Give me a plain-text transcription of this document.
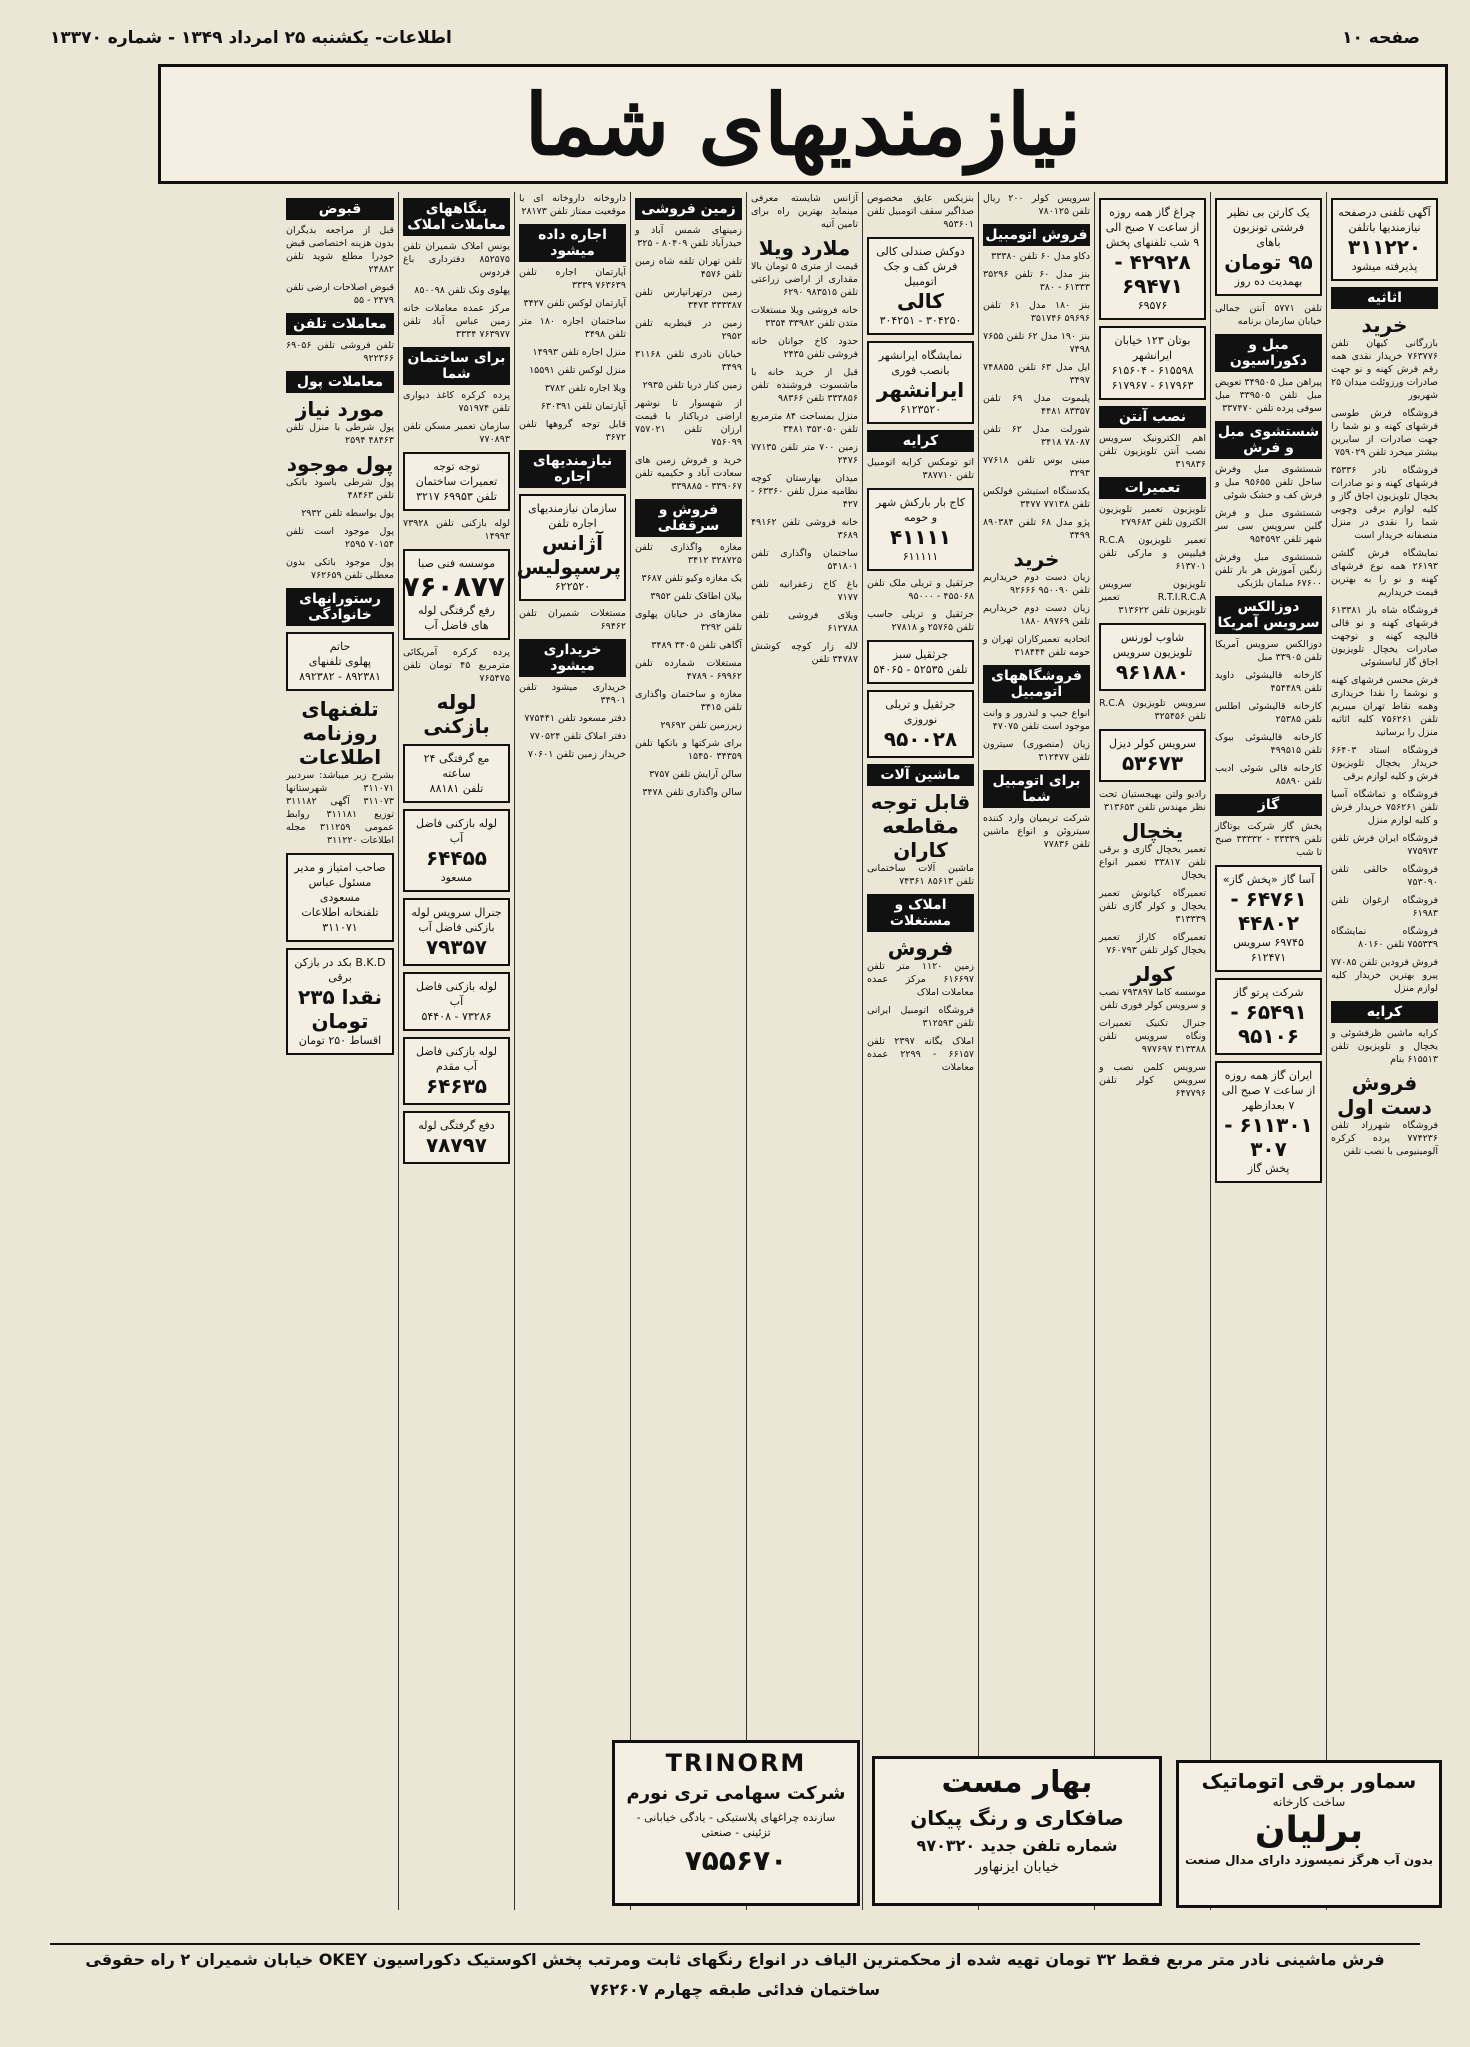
صفحه ۱۰
اطلاعات- یکشنبه ۲۵ امرداد ۱۳۴۹ - شماره ۱۳۳۷۰
نیازمندیهای شما
آگهی تلفنی درصفحه نیازمندیها باتلفن
۳۱۱۲۲۰
پذیرفته میشود
اثاثیه
خرید
بازرگانی کیهان تلفن ۷۶۳۷۷۶ خریدار نقدی همه رقم فرش کهنه و نو جهت صادرات ورزوئلت میدان ۲۵ شهریور
فروشگاه فرش طوسی فرشهای کهنه و نو شما را جهت صادرات از سایرین بیشتر میخرد تلفن ۷۵۹۰۲۹
فروشگاه نادر ۳۵۳۳۶ فرشهای کهنه و نو صادرات یخچال تلویزیون اجاق گاز و کلیه لوازم برقی وچوبی شما را نقدی در منزل منصفانه خریدار است
نمایشگاه فرش گلشن ۲۶۱۹۳ همه نوع فرشهای کهنه و نو را به بهترین قیمت خریداریم
فروشگاه شاه باز ۶۱۳۳۸۱ فرشهای کهنه و نو قالی قالیچه کهنه و نوجهت صادرات یخچال تلویزیون اجاق گاز لباسشوئی
فرش محسن فرشهای کهنه و نوشما را نقدا خریداری وهمه نقاط تهران میبریم تلفن ۷۵۶۲۶۱ کلیه اثاثیه منزل را برسانید
فروشگاه استاد ۶۶۴۰۳ خریدار یخچال تلویزیون فرش و کلیه لوازم برقی
فروشگاه و تماشگاه آسیا تلفن ۷۵۶۲۶۱ خریدار فرش و کلیه لوازم منزل
فروشگاه ایران فرش تلفن ۷۷۵۹۷۳
فروشگاه خالقی تلفن ۷۵۳۰۹۰
فروشگاه ارغوان تلفن ۶۱۹۸۳
فروشگاه نمایشگاه ۷۵۵۳۳۹ تلفن ۸۰۱۶۰
فروش فرودین تلفن ۷۷۰۸۵ پیرو بهترین خریدار کلیه لوازم منزل
کرایه
کرایه ماشین ظرفشوئی و یخچال و تلویزیون تلفن ۶۱۵۵۱۳ بنام
فروش دست اول
فروشگاه شهرزاد تلفن ۷۷۴۲۳۶ پرده کرکره آلومینیومی با نصب تلفن
یک کارتن بی نظیر فرشتی تونزبون باهای
۹۵ تومان
بهمدیت ده روز
تلفن ۵۷۷۱ آنتن جمالی خیابان سازمان برنامه
مبل و دکوراسیون
پیراهن مبل ۳۴۹۵۰۵ تعویض مبل تلفن ۳۳۹۵۰۵ مبل سوفی پرده تلفن ۳۳۷۴۷۰
شستشوی مبل و فرش
شستشوی مبل وفرش ساحل تلفن ۹۵۶۵۵ مبل و فرش کف و خشک شوئی
شستشوی مبل و فرش گلبن سرویس سی سر شهر تلفن ۹۵۴۵۹۲
شستشوی مبل وفرش زنگین آموزش هر بار تلفن ۶۷۶۰۰ مبلمان بلژیکی
دوزالکس سرویس آمریکا
دوزالکس سرویس آمریکا تلفن ۳۳۹۰۵ مبل
کارخانه قالیشوئی داوید تلفن ۴۵۴۴۸۹
کارخانه قالیشوئی اطلس تلفن ۲۵۳۸۵
کارخانه قالیشوئی بیوک تلفن ۴۹۹۵۱۵
کارخانه قالی شوئی ادیب تلفن ۸۵۸۹۰
گاز
پخش گاز شرکت بوتاگاز تلفن ۳۳۳۳۹ - ۳۳۳۳۲ صبح تا شب
آسا گاز «پخش گاز»
۶۴۷۶۱ - ۴۴۸۰۲
۶۹۷۴۵ سرویس ۶۱۲۴۷۱
شرکت پرتو گاز
۶۵۴۹۱ - ۹۵۱۰۶
ایران گاز همه روزه از ساعت ۷ صبح الی ۷ بعدازظهر
۶۱۱۳۰۱ - ۳۰۷
پخش گاز
چراغ گاز همه روزه از ساعت ۷ صبح الی ۹ شب تلفنهای پخش
۴۲۹۲۸ - ۶۹۴۷۱
۶۹۵۷۶
بوتان ۱۲۳ خیابان ایرانشهر
۶۱۵۵۹۸ - ۶۱۵۶۰۴ ۶۱۷۹۶۳ - ۶۱۷۹۶۷
نصب آنتن
اهم الکترونیک سرویس نصب آنتن تلویزیون تلفن ۳۱۹۸۳۶
تعمیرات
تلویزیون تعمیر تلویزیون الکترون تلفن ۲۷۹۶۸۳
تعمیر تلویزیون R.C.A فیلیپس و مارکی تلفن ۶۱۳۷۰۱
تلویزیون سرویس R.T.I.R.C.A تعمیر تلویزیون تلفن ۳۱۳۶۲۲
شاوب لورنس تلویزیون سرویس
۹۶۱۸۸۰
سرویس تلویزیون R.C.A تلفن ۳۲۵۴۵۶
سرویس کولر دیزل
۵۳۶۷۳
رادیو ولتن بهیجستیان تحت نظر مهندس تلفن ۳۱۳۶۵۳
یخچال
تعمیر یخچال گازی و برقی تلفن ۳۳۸۱۷ تعمیر انواع یخچال
تعمیرگاه کیانوش تعمیر یخچال و کولر گازی تلفن ۳۱۳۳۳۹
تعمیرگاه کاراژ تعمیر یخچال کولر تلفن ۷۶۰۷۹۳
کولر
موسسه کاما ۷۹۳۸۹۷ نصب و سرویس کولر فوری تلفن
جنرال تکنیک تعمیرات ونگاه سرویس تلفن ۳۱۳۳۸۸ ۹۷۷۶۹۷
سرویس کلمن نصب و سرویس کولر تلفن ۶۴۷۷۹۶
سرویس کولر ۲۰۰ ریال تلفن ۷۸۰۱۲۵
فروش اتومبیل
دکاو مدل ۶۰ تلفن ۳۳۳۸۰
بنز مدل ۶۰ تلفن ۳۵۲۹۶ ۶۱۳۳۳ - ۳۸۰
بنز ۱۸۰ مدل ۶۱ تلفن ۵۹۶۹۶ ۳۵۱۷۴۶
بنز ۱۹۰ مدل ۶۲ تلفن ۷۶۵۵ ۷۴۹۸
ایل مدل ۶۳ تلفن ۷۴۸۸۵۵ ۳۴۹۷
پلیموت مدل ۶۹ تلفن ۸۳۳۵۷ ۴۴۸۱
شورلت مدل ۶۲ تلفن ۷۸۰۸۷ ۳۴۱۸
مینی بوس تلفن ۷۷۶۱۸ ۳۲۹۳
یکدستگاه استیشن فولکس تلفن ۷۷۱۳۸ ۳۴۷۷
پژو مدل ۶۸ تلفن ۸۹۰۳۸۴ ۳۴۹۹
خرید
زیان دست دوم خریداریم تلفن ۹۵۰۰۹۰ ۹۲۶۶۶
زیان دست دوم خریداریم تلفن ۸۹۷۶۹ ۱۸۸۰
اتحادیه تعمیرکاران تهران و حومه تلفن ۳۱۸۴۴۴
فروشگاههای اتومبیل
انواع جیپ و لندرور و وانت موجود است تلفن ۴۷۰۷۵
زیان (منصوری) سیترون تلفن ۳۱۲۴۷۷
برای اتومبیل شما
شرکت تریمیان وارد کننده سیتروئن و انواع ماشین تلفن ۷۷۸۳۶
بنزیکس عایق مخصوص صداگیر سقف اتومبیل تلفن ۹۵۳۶۰۱
دوکش صندلی کالی فرش کف و جک اتومبیل
کالی
۳۰۴۲۵۰ - ۳۰۴۲۵۱
نمایشگاه ایرانشهر بانصب فوری
ایرانشهر
۶۱۲۳۵۲۰
کرایه
اتو تومکس کرایه اتومبیل تلفن ۳۸۷۷۱۰
کاج بار بارکش شهر و حومه
۴۱۱۱۱
۶۱۱۱۱۱
جرثقیل و تریلی ملک تلفن ۴۵۵۰۶۸ - ۹۵۰۰۰
جرثقیل و تریلی جاسب تلفن ۲۵۷۶۵ و ۲۷۸۱۸
جرثقیل سبز
تلفن ۵۲۵۳۵ - ۵۴۰۶۵
جرثقیل و تریلی نوروزی
۹۵۰۰۲۸
ماشین آلات
قابل توجه مقاطعه کاران
ماشین آلات ساختمانی تلفن ۸۵۶۱۳ ۷۴۳۶۱
املاک و مستغلات
فروش
زمین ۱۱۲۰ متر تلفن ۶۱۶۶۹۷ مرکز عمده معاملات املاک
فروشگاه اتومبیل ایرانی تلفن ۳۱۲۵۹۳
املاک یگانه ۲۳۹۷ تلفن ۶۶۱۵۷ - ۲۲۹۹ عمده معاملات
آژانس شایسته معرفی مینماید بهترین راه برای تامین آتیه
ملارد ویلا
قیمت از متری ۵ تومان بالا مقداری از اراضی زراعتی تلفن ۹۸۳۵۱۵ ۶۲۹۰
خانه فروشی ویلا مستغلات متدن تلفن ۳۳۹۸۲ ۳۳۵۴
حدود کاخ جوانان خانه فروشی تلفن ۲۴۳۵
قبل از خرید خانه با ماشسوت فروشنده تلفن ۳۳۳۸۵۶ تلفن ۹۸۳۶۶
منزل بمساحت ۸۴ مترمربع تلفن ۳۵۲۰۵۰ ۳۴۸۱
زمین ۷۰۰ متر تلفن ۷۷۱۳۵ ۲۴۷۶
میدان بهارستان کوچه نظامیه منزل تلفن ۶۳۳۶۰ - ۴۲۷
خانه فروشی تلفن ۴۹۱۶۲ ۳۶۸۹
ساختمان واگذاری تلفن ۵۴۱۸۰۱
باغ کاخ زعفرانیه تلفن ۷۱۷۷
ویلای فروشی تلفن ۶۱۲۷۸۸
لاله زار کوچه کوشش ۳۴۷۸۷ تلفن
زمین فروشی
زمینهای شمس آباد و حیدرآباد تلفن ۸۰۴۰۹ - ۳۲۵
تلفن تهران تلفه شاه زمین تلفن ۴۵۷۶
زمین درتهرانپارس تلفن ۳۳۳۳۸۷ ۳۴۷۳
زمین در قیطریه تلفن ۲۹۵۲
خیابان نادری تلفن ۳۱۱۶۸ ۳۴۹۹
زمین کنار دریا تلفن ۲۹۳۵
از شهسوار تا نوشهر اراضی دریاکنار با قیمت ارزان تلفن ۷۵۷۰۲۱ ۷۵۶۰۹۹
خرید و فروش زمین های سعادت آباد و حکیمیه تلفن ۳۳۹۰۶۷ - ۳۳۹۸۸۵
فروش و سرقفلی
مغازه واگذاری تلفن ۳۲۸۷۲۵ ۳۴۱۲
یک مغازه وکیو تلفن ۳۶۸۷
بیلان اطاقک تلفن ۳۹۵۲
مغازهای در خیابان پهلوی تلفن ۳۲۹۲
آگاهی تلفن ۳۴۰۵ ۳۴۸۹
مستغلات شمارده تلفن ۶۹۹۶۲ - ۴۷۸۹
مغازه و ساختمان واگذاری تلفن ۳۴۱۵
زیرزمین تلفن ۲۹۶۹۲
برای شرکتها و بانکها تلفن ۳۴۳۵۹ ۱۵۴۵۰
سالن آرایش تلفن ۳۷۵۷
سالن واگذاری تلفن ۳۴۷۸
داروخانه داروخانه ای با موقعیت ممتاز تلفن ۲۸۱۷۳
اجاره داده میشود
آپارتمان اجاره تلفن ۷۶۳۶۳۹ ۳۳۳۹
آپارتمان لوکس تلفن ۳۴۲۷
ساختمان اجاره ۱۸۰ متر تلفن ۳۴۹۸
منزل اجاره تلفن ۱۴۹۹۳
منزل لوکس تلفن ۱۵۵۹۱
ویلا اجاره تلفن ۳۷۸۲
آپارتمان تلفن ۶۳۰۳۹۱
قابل توجه گروهها تلفن ۳۶۷۲
نیازمندیهای اجاره
سازمان نیازمندیهای اجاره تلفن
آژانس پرسپولیس
۶۲۲۵۲۰
مستغلات شمیران تلفن ۶۹۴۶۲
خریداری میشود
خریداری میشود تلفن ۳۴۹۰۱
دفتر مسعود تلفن ۷۷۵۴۴۱
دفتر املاک تلفن ۷۷۰۵۲۴
خریدار زمین تلفن ۷۰۶۰۱
بنگاههای معاملات املاک
یونس املاک شمیران تلفن ۸۵۲۵۷۵ دفترداری باغ فردوس
پهلوی ونک تلفن ۸۵۰۰۹۸
مرکز عمده معاملات خانه زمین عباس آباد تلفن ۷۶۳۹۷۷ ۳۳۳۴
برای ساختمان شما
پرده کرکره کاغذ دیواری تلفن ۷۵۱۹۷۴
سازمان تعمیر مسکن تلفن ۷۷۰۸۹۳
توجه توجه
تعمیرات ساختمان تلفن ۶۹۹۵۳ ۳۲۱۷
لوله بازکنی تلفن ۷۳۹۲۸ ۱۴۹۹۳
موسسه فنی صبا
۷۶۰۸۷۷
رفع گرفتگی لوله های فاضل آب
پرده کرکره آمریکائی مترمربع ۴۵ تومان تلفن ۷۶۵۴۷۵
لوله بازکنی
مع گرفتگی ۲۴ ساعته
تلفن ۸۸۱۸۱
لوله بازکنی فاضل آب
۶۴۴۵۵
مسعود
جنرال سرویس لوله بازکنی فاضل آب
۷۹۳۵۷
لوله بازکنی فاضل آب
۷۳۲۸۶ - ۵۴۴۰۸
لوله بازکنی فاضل آب مقدم
۶۴۶۳۵
دفع گرفتگی لوله
۷۸۷۹۷
قبوض
قبل از مراجعه بدیگران بدون هزینه اختصاصی قبض خودرا مطلع شوید تلفن ۲۴۸۸۲
قبوض اصلاحات ارضی تلفن ۲۴۷۹ - ۵۵
معاملات تلفن
تلفن فروشی تلفن ۶۹۰۵۶ ۹۲۲۳۶۶
معاملات پول
مورد نیاز
پول شرطی با منزل تلفن ۴۸۴۶۳ ۲۵۹۴
پول موجود
پول شرطی باسود بانکی تلفن ۴۸۴۶۳
پول بواسطه تلفن ۲۹۳۲
پول موجود است تلفن ۷۰۱۵۴ ۲۵۹۵
پول موجود باتکی بدون معطلی تلفن ۷۶۲۶۵۹
رستورانهای خانوادگی
حاتم
پهلوی تلفنهای ۸۹۲۳۸۱ - ۸۹۲۳۸۲
تلفنهای روزنامه اطلاعات
بشرح زیر میباشد: سردبیر ۳۱۱۰۷۱ شهرستانها ۳۱۱۰۷۳ آگهی ۳۱۱۱۸۲ توزیع ۳۱۱۱۸۱ روابط عمومی ۳۱۱۲۵۹ مجله اطلاعات ۳۱۱۲۲۰
صاحب امتیاز و مدیر مسئول عباس مسعودی
تلفنخانه اطلاعات ۳۱۱۰۷۱
B.K.D بکد در بازکن برقی
نقدا ۲۳۵ تومان
اقساط ۲۵۰ تومان
فرش ماشینی نادر متر مربع فقط ۳۲ تومان تهیه شده از محکمترین الیاف در انواع رنگهای ثابت ومرتب پخش اکوستیک دکوراسیون OKEY خیابان شمیران ۲ راه حقوقی ساختمان فدائی طبقه چهارم ۷۶۲۶۰۷
TRINORM
شرکت سهامی تری نورم
سازنده چراغهای پلاستیکی - یادگی خیابانی - تزئینی - صنعتی
۷۵۵۶۷۰
بهار مست
صافکاری و رنگ پیکان
شماره تلفن جدید ۹۷۰۳۲۰
خیابان ایزنهاور
سماور برقی اتوماتیک
ساخت کارخانه
برلیان
بدون آب هرگز نمیسوزد دارای مدال صنعت
